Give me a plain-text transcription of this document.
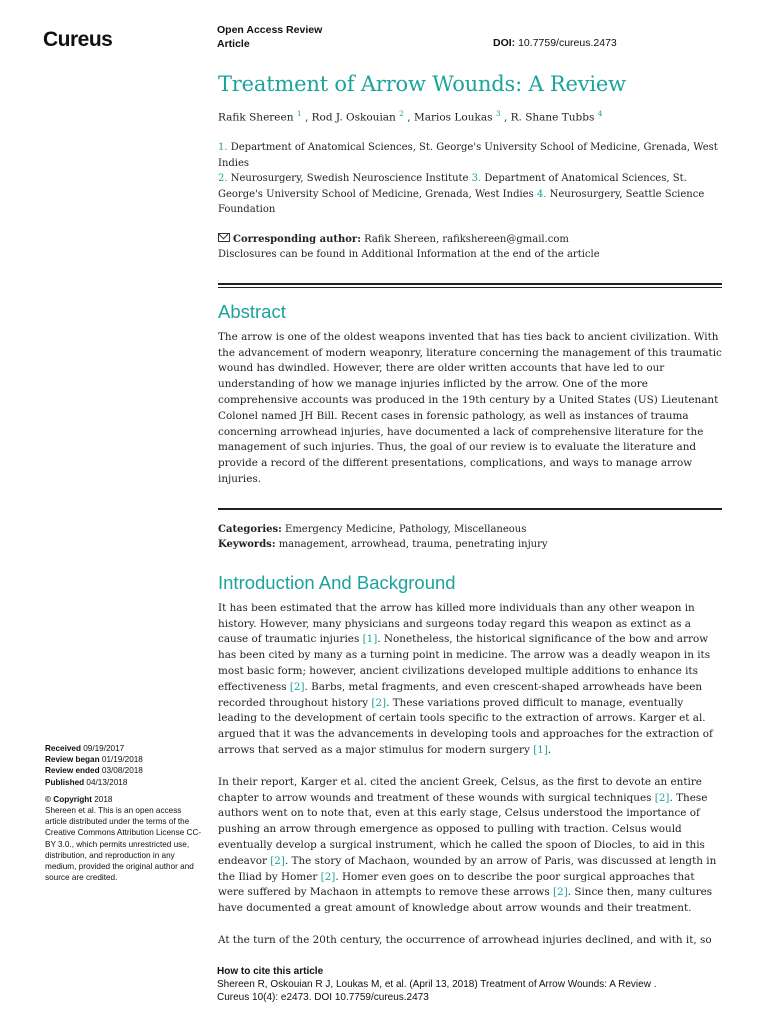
Cureus	Open Access Review
Article	DOI: 10.7759/cureus.2473
Treatment of Arrow Wounds: A Review

Rafik Shereen $^1$ , Rod J. Oskouian $^2$ , Marios Loukas $^3$ , R. Shane Tubbs $^4$

1. Department of Anatomical Sciences, St. George's University School of Medicine, Grenada, West Indies

2. Neurosurgery, Swedish Neuroscience Institute 3. Department of Anatomical Sciences, St. George's University School of Medicine, Grenada, West Indies 4. Neurosurgery, Seattle Science Foundation

Corresponding author: Rafik Shereen, rafikshereen@gmail.com
Disclosures can be found in Additional Information at the end of the article

Abstract

The arrow is one of the oldest weapons invented that has ties back to ancient civilization. With the advancement of modern weaponry, literature concerning the management of this traumatic wound has dwindled. However, there are older written accounts that have led to our understanding of how we manage injuries inflicted by the arrow. One of the more comprehensive accounts was produced in the 19th century by a United States (US) Lieutenant Colonel named JH Bill. Recent cases in forensic pathology, as well as instances of trauma concerning arrowhead injuries, have documented a lack of comprehensive literature for the management of such injuries. Thus, the goal of our review is to evaluate the literature and provide a record of the different presentations, complications, and ways to manage arrow injuries.

Categories: Emergency Medicine, Pathology, Miscellaneous

Keywords: management, arrowhead, trauma, penetrating injury

Introduction And Background

It has been estimated that the arrow has killed more individuals than any other weapon in history. However, many physicians and surgeons today regard this weapon as extinct as a cause of traumatic injuries [1]. Nonetheless, the historical significance of the bow and arrow has been cited by many as a turning point in medicine. The arrow was a deadly weapon in its most basic form; however, ancient civilizations developed multiple additions to enhance its effectiveness [2]. Barbs, metal fragments, and even crescent-shaped arrowheads have been recorded throughout history [2]. These variations proved difficult to manage, eventually leading to the development of certain tools specific to the extraction of arrows. Karger et al. argued that it was the advancements in developing tools and approaches for the extraction of arrows that served as a major stimulus for modern surgery [1].

In their report, Karger et al. cited the ancient Greek, Celsus, as the first to devote an entire chapter to arrow wounds and treatment of these wounds with surgical techniques [2]. These authors went on to note that, even at this early stage, Celsus understood the importance of pushing an arrow through emergence as opposed to pulling with traction. Celsus would eventually develop a surgical instrument, which he called the spoon of Diocles, to aid in this endeavor [2]. The story of Machaon, wounded by an arrow of Paris, was discussed at length in the Iliad by Homer [2]. Homer even goes on to describe the poor surgical approaches that were suffered by Machaon in attempts to remove these arrows [2]. Since then, many cultures have documented a great amount of knowledge about arrow wounds and their treatment.

At the turn of the 20th century, the occurrence of arrowhead injuries declined, and with it, so

Received 09/19/2017
Review began 01/19/2018
Review ended 03/08/2018
Published 04/13/2018
© Copyright 2018
Shereen et al. This is an open access article distributed under the terms of the Creative Commons Attribution License CC-BY 3.0., which permits unrestricted use, distribution, and reproduction in any medium, provided the original author and source are credited.
How to cite this article
Shereen R, Oskouian R J, Loukas M, et al. (April 13, 2018) Treatment of Arrow Wounds: A Review .
Cureus 10(4): e2473. DOI 10.7759/cureus.2473
